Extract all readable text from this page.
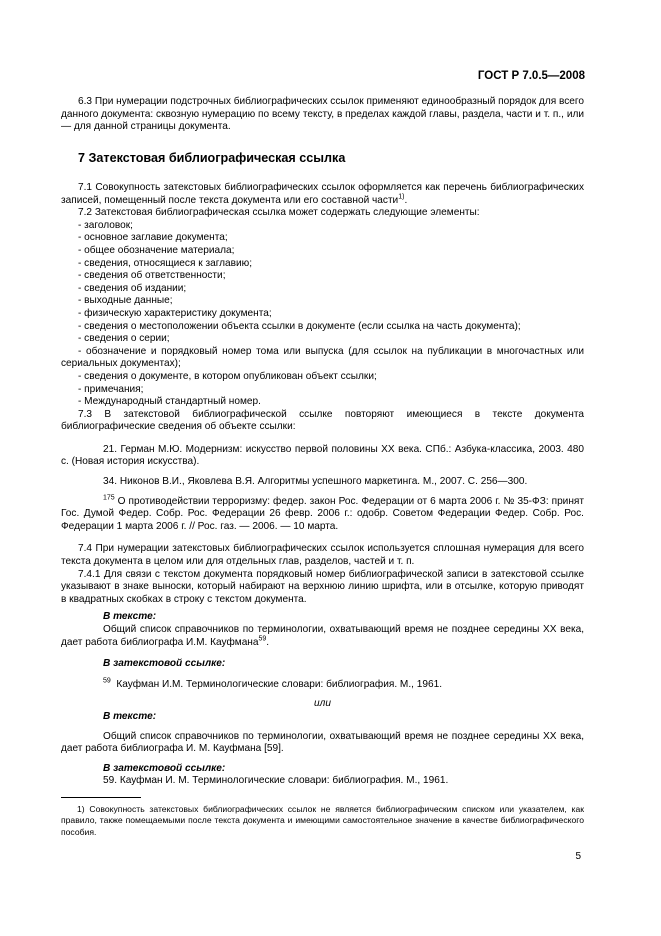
ГОСТ Р 7.0.5—2008

6.3 При нумерации подстрочных библиографических ссылок применяют единообразный порядок для всего данного документа: сквозную нумерацию по всему тексту, в пределах каждой главы, раздела, части и т. п., или — для данной страницы документа.

7 Затекстовая библиографическая ссылка

7.1 Совокупность затекстовых библиографических ссылок оформляется как перечень библиографических записей, помещенный после текста документа или его составной части$^{1)}$.

7.2 Затекстовая библиографическая ссылка может содержать следующие элементы:

- заголовок;

- основное заглавие документа;

- общее обозначение материала;

- сведения, относящиеся к заглавию;

- сведения об ответственности;

- сведения об издании;

- выходные данные;

- физическую характеристику документа;

- сведения о местоположении объекта ссылки в документе (если ссылка на часть документа);

- сведения о серии;

- обозначение и порядковый номер тома или выпуска (для ссылок на публикации в многочастных или сериальных документах);

- сведения о документе, в котором опубликован объект ссылки;

- примечания;

- Международный стандартный номер.

7.3 В затекстовой библиографической ссылке повторяют имеющиеся в тексте документа библиографические сведения об объекте ссылки:

21. Герман М.Ю. Модернизм: искусство первой половины XX века. СПб.: Азбука-классика, 2003. 480 с. (Новая история искусства).

34. Никонов В.И., Яковлева В.Я. Алгоритмы успешного маркетинга. М., 2007. С. 256—300.

$^{175}$ О противодействии терроризму: федер. закон Рос. Федерации от 6 марта 2006 г. № 35-ФЗ: принят Гос. Думой Федер. Собр. Рос. Федерации 26 февр. 2006 г.: одобр. Советом Федерации Федер. Собр. Рос. Федерации 1 марта 2006 г. // Рос. газ. — 2006. — 10 марта.

7.4 При нумерации затекстовых библиографических ссылок используется сплошная нумерация для всего текста документа в целом или для отдельных глав, разделов, частей и т. п.

7.4.1 Для связи с текстом документа порядковый номер библиографической записи в затекстовой ссылке указывают в знаке выноски, который набирают на верхнюю линию шрифта, или в отсылке, которую приводят в квадратных скобках в строку с текстом документа.

В тексте:

Общий список справочников по терминологии, охватывающий время не позднее середины XX века, дает работа библиографа И.М. Кауфмана$^{59}$.

В затекстовой ссылке:

$^{59}$ Кауфман И.М. Терминологические словари: библиография. М., 1961.

или

В тексте:

Общий список справочников по терминологии, охватывающий время не позднее середины XX века, дает работа библиографа И. М. Кауфмана [59].

В затекстовой ссылке:

59. Кауфман И. М. Терминологические словари: библиография. М., 1961.

1) Совокупность затекстовых библиографических ссылок не является библиографическим списком или указателем, как правило, также помещаемыми после текста документа и имеющими самостоятельное значение в качестве библиографического пособия.
5
